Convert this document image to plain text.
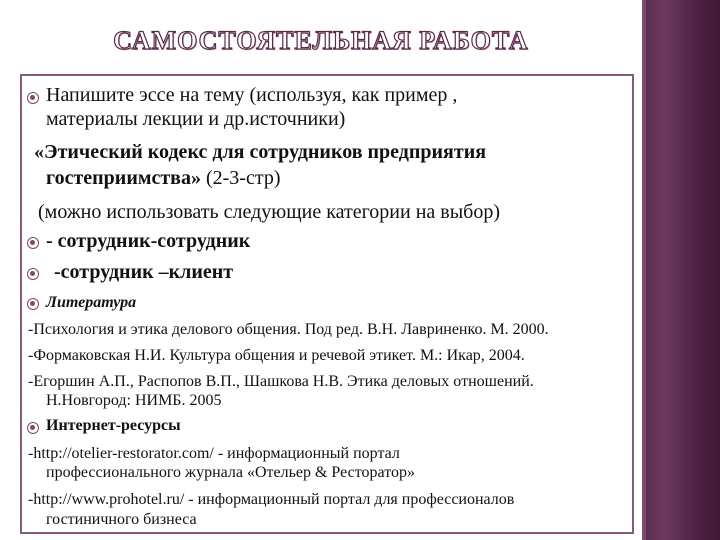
САМОСТОЯТЕЛЬНАЯ РАБОТА
Напишите эссе на тему (используя, как пример ,
материалы лекции и др.источники)
«Этический кодекс для сотрудников предприятия
гостеприимства» (2-3-стр)
(можно использовать следующие категории на выбор)
- сотрудник-сотрудник
-сотрудник –клиент
Литература
-Психология и этика делового общения. Под ред. В.Н. Лавриненко. М. 2000.
-Формаковская Н.И. Культура общения и речевой этикет. М.: Икар, 2004.
-Егоршин А.П., Распопов В.П., Шашкова Н.В. Этика деловых отношений.
Н.Новгород: НИМБ. 2005
Интернет-ресурсы
-http://otelier-restorator.com/ - информационный портал
профессионального журнала «Отельер & Ресторатор»
-http://www.prohotel.ru/ - информационный портал для профессионалов
гостиничного бизнеса
